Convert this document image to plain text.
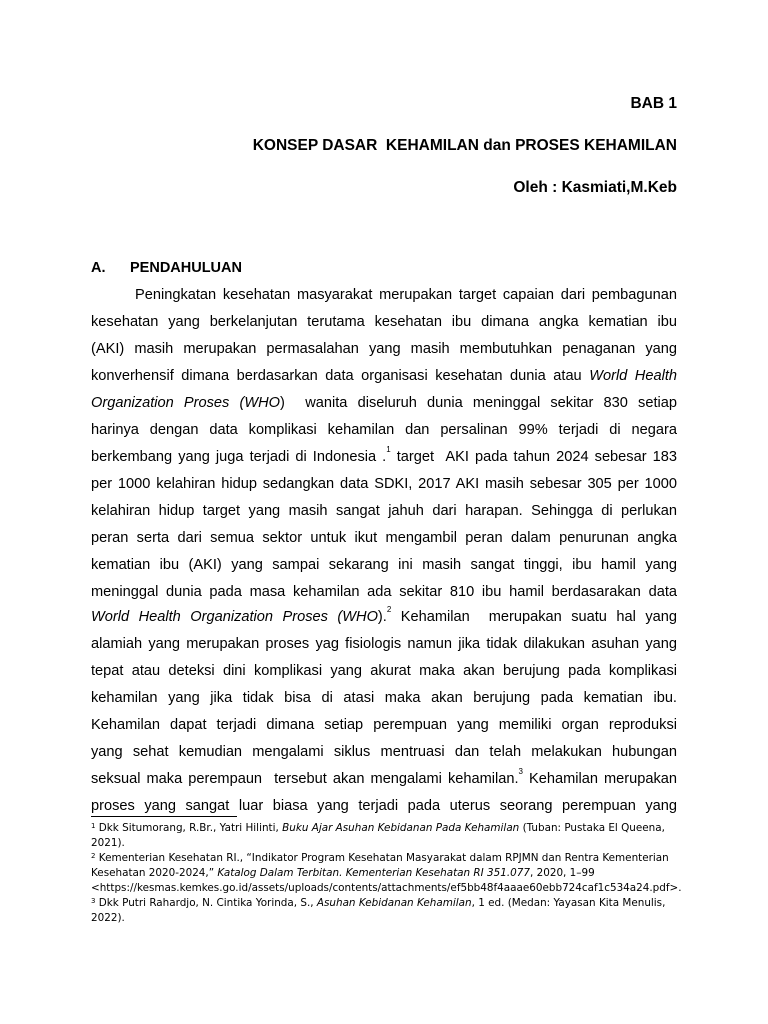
BAB 1
KONSEP DASAR  KEHAMILAN dan PROSES KEHAMILAN
Oleh : Kasmiati,M.Keb
A. PENDAHULUAN
Peningkatan kesehatan masyarakat merupakan target capaian dari pembagunan
kesehatan yang berkelanjutan terutama kesehatan ibu dimana angka kematian ibu
(AKI) masih merupakan permasalahan yang masih membutuhkan penaganan yang
konverhensif dimana berdasarkan data organisasi kesehatan dunia atau World Health
Organization Proses (WHO)  wanita diseluruh dunia meninggal sekitar 830 setiap
harinya dengan data komplikasi kehamilan dan persalinan 99% terjadi di negara
berkembang yang juga terjadi di Indonesia .$^1$ target  AKI pada tahun 2024 sebesar 183
per 1000 kelahiran hidup sedangkan data SDKI, 2017 AKI masih sebesar 305 per 1000
kelahiran hidup target yang masih sangat jahuh dari harapan. Sehingga di perlukan
peran serta dari semua sektor untuk ikut mengambil peran dalam penurunan angka
kematian ibu (AKI) yang sampai sekarang ini masih sangat tinggi, ibu hamil yang
meninggal dunia pada masa kehamilan ada sekitar 810 ibu hamil berdasarakan data
World Health Organization Proses (WHO).$^2$ Kehamilan  merupakan suatu hal yang
alamiah yang merupakan proses yag fisiologis namun jika tidak dilakukan asuhan yang
tepat atau deteksi dini komplikasi yang akurat maka akan berujung pada komplikasi
kehamilan yang jika tidak bisa di atasi maka akan berujung pada kematian ibu.
Kehamilan dapat terjadi dimana setiap perempuan yang memiliki organ reproduksi
yang sehat kemudian mengalami siklus mentruasi dan telah melakukan hubungan
seksual maka perempaun  tersebut akan mengalami kehamilan.$^3$ Kehamilan merupakan
proses yang sangat luar biasa yang terjadi pada uterus seorang perempuan yang
$^1$ Dkk Situmorang, R.Br., Yatri Hilinti, Buku Ajar Asuhan Kebidanan Pada Kehamilan (Tuban: Pustaka El Queena,
2021).
$^2$ Kementerian Kesehatan RI., “Indikator Program Kesehatan Masyarakat dalam RPJMN dan Rentra Kementerian
Kesehatan 2020-2024,” Katalog Dalam Terbitan. Kementerian Kesehatan RI 351.077, 2020, 1–99
<https://kesmas.kemkes.go.id/assets/uploads/contents/attachments/ef5bb48f4aaae60ebb724caf1c534a24.pdf>.
$^3$ Dkk Putri Rahardjo, N. Cintika Yorinda, S., Asuhan Kebidanan Kehamilan, 1 ed. (Medan: Yayasan Kita Menulis,
2022).
